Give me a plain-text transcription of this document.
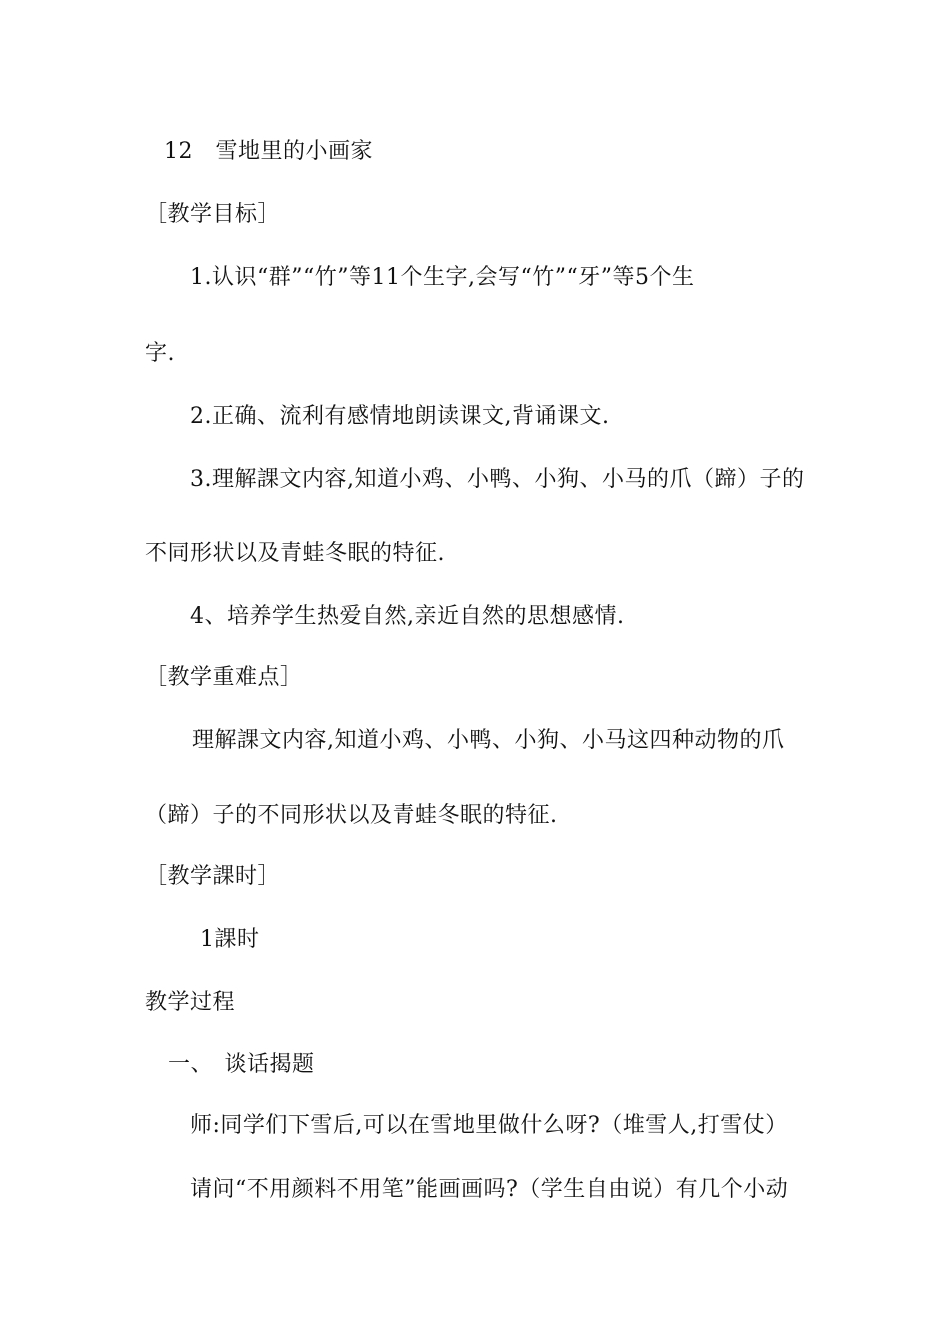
12　雪地里的小画家

［教学目标］

1.认识“群”“竹”等11个生字,会写“竹”“牙”等5个生

字.

2.正确、流利有感情地朗读课文,背诵课文.

3.理解課文内容,知道小鸡、小鸭、小狗、小马的爪（蹄）子的

不同形状以及青蛙冬眠的特征.

4、培养学生热爱自然,亲近自然的思想感情.

［教学重难点］

理解課文内容,知道小鸡、小鸭、小狗、小马这四种动物的爪

（蹄）子的不同形状以及青蛙冬眠的特征.

［教学課时］

1課时

教学过程

一、　谈话揭题

师:同学们下雪后,可以在雪地里做什么呀?（堆雪人,打雪仗）

请问“不用颜料不用笔”能画画吗?（学生自由说）有几个小动
